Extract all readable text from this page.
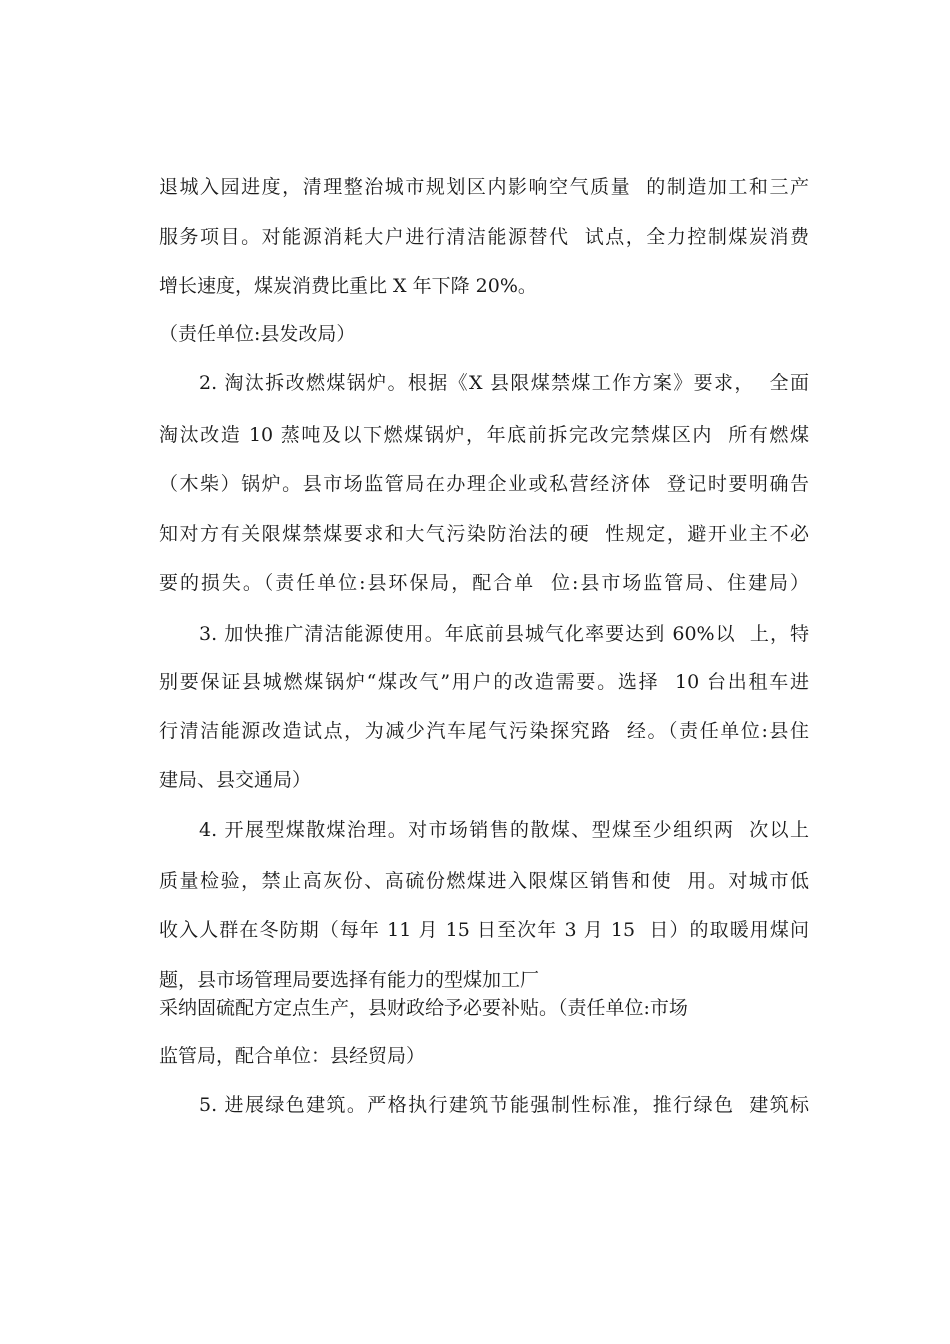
退城入园进度，清理整治城市规划区内影响空气质量  的制造加工和三产
服务项目。对能源消耗大户进行清洁能源替代  试点，全力控制煤炭消费
增长速度，煤炭消费比重比 X 年下降 20%。
（责任单位:县发改局）
2. 淘汰拆改燃煤锅炉。根据《X 县限煤禁煤工作方案》要求，  全面
淘汰改造 10 蒸吨及以下燃煤锅炉，年底前拆完改完禁煤区内  所有燃煤
（木柴）锅炉。县市场监管局在办理企业或私营经济体  登记时要明确告
知对方有关限煤禁煤要求和大气污染防治法的硬  性规定，避开业主不必
要的损失。（责任单位:县环保局，配合单  位:县市场监管局、住建局）
3. 加快推广清洁能源使用。年底前县城气化率要达到 60%以  上，特
别要保证县城燃煤锅炉“煤改气”用户的改造需要。选择  10 台出租车进
行清洁能源改造试点，为减少汽车尾气污染探究路  经。（责任单位:县住
建局、县交通局）
4. 开展型煤散煤治理。对市场销售的散煤、型煤至少组织两  次以上
质量检验，禁止高灰份、高硫份燃煤进入限煤区销售和使  用。对城市低
收入人群在冬防期（每年 11 月 15 日至次年 3 月 15  日）的取暖用煤问
题，县市场管理局要选择有能力的型煤加工厂
采纳固硫配方定点生产，县财政给予必要补贴。（责任单位:市场
监管局，配合单位：县经贸局）
5. 进展绿色建筑。严格执行建筑节能强制性标准，推行绿色  建筑标
